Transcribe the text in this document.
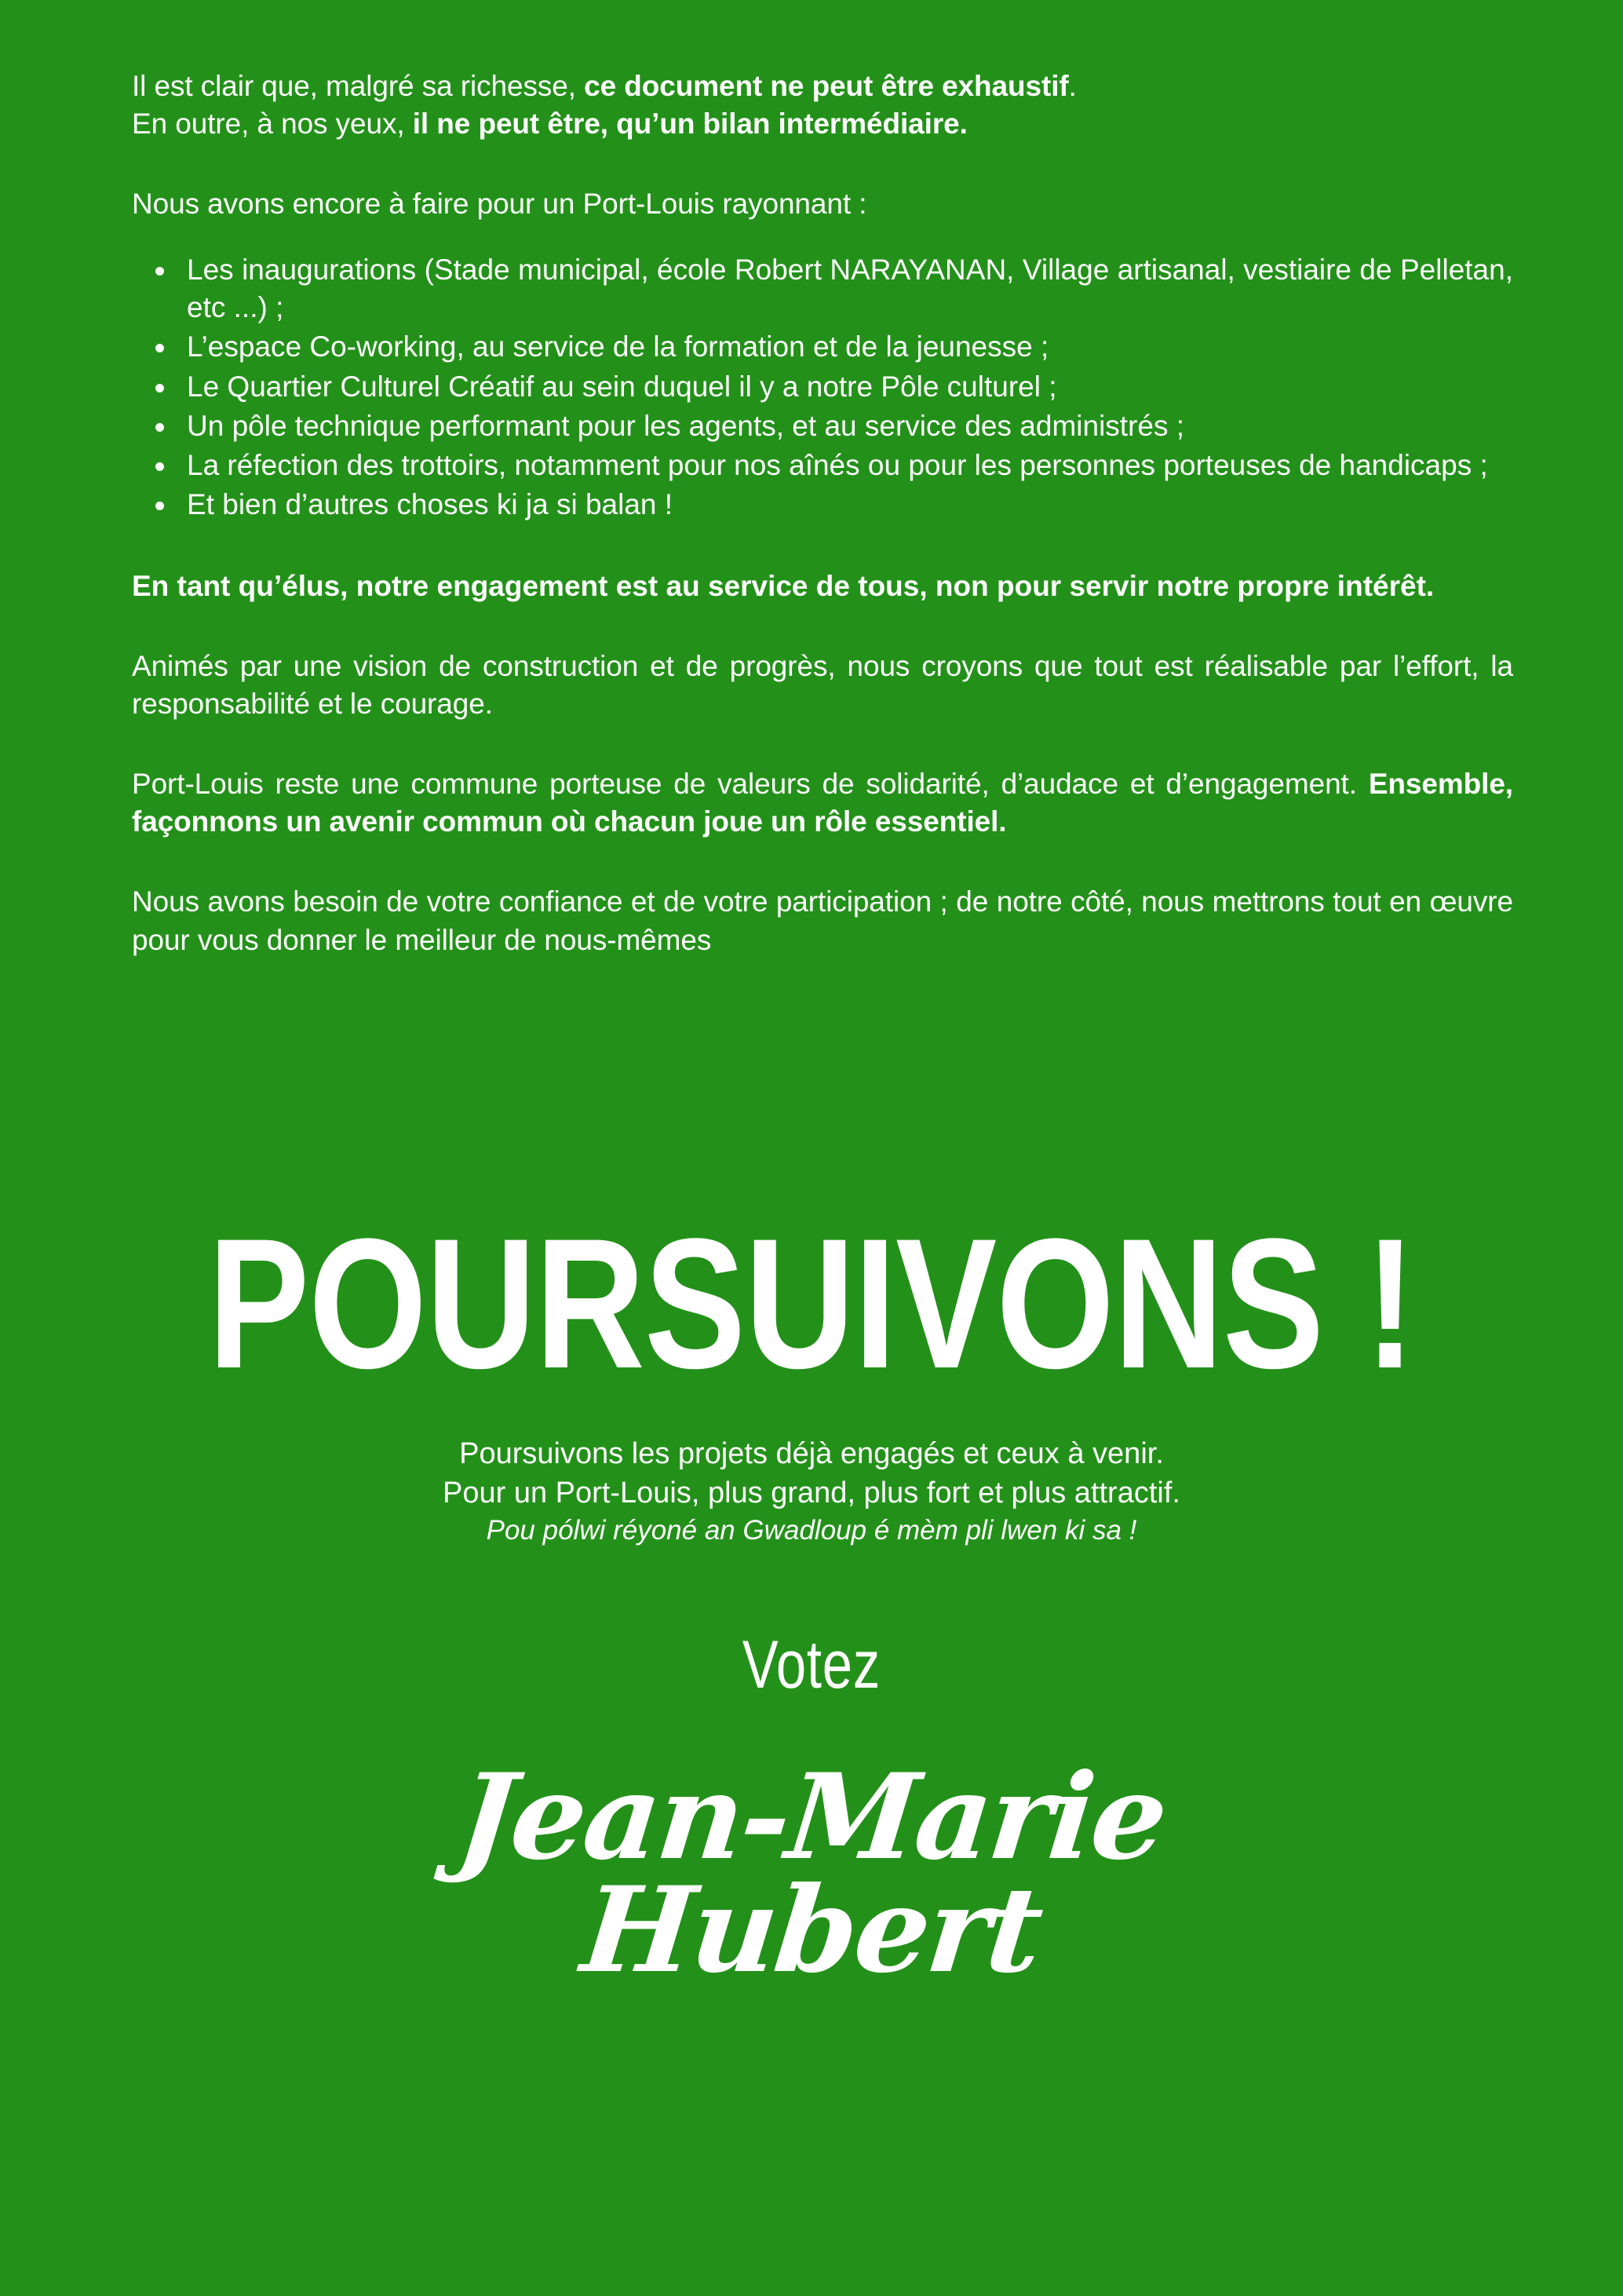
Il est clair que, malgré sa richesse, ce document ne peut être exhaustif.
En outre, à nos yeux, il ne peut être, qu’un bilan intermédiaire.

Nous avons encore à faire pour un Port-Louis rayonnant :

Les inaugurations (Stade municipal, école Robert NARAYANAN, Village artisanal, vestiaire de Pelletan, etc ...) ;
L’espace Co-working, au service de la formation et de la jeunesse ;
Le Quartier Culturel Créatif au sein duquel il y a notre Pôle culturel ;
Un pôle technique performant pour les agents, et au service des administrés ;
La réfection des trottoirs, notamment pour nos aînés ou pour les personnes porteuses de handicaps ;
Et bien d’autres choses ki ja si balan !

En tant qu’élus, notre engagement est au service de tous, non pour servir notre propre intérêt.

Animés par une vision de construction et de progrès, nous croyons que tout est réalisable par l’effort, la responsabilité et le courage.

Port-Louis reste une commune porteuse de valeurs de solidarité, d’audace et d’engagement. Ensemble, façonnons un avenir commun où chacun joue un rôle essentiel.

Nous avons besoin de votre confiance et de votre participation ; de notre côté, nous mettrons tout en œuvre pour vous donner le meilleur de nous-mêmes

POURSUIVONS !
Poursuivons les projets déjà engagés et ceux à venir.
Pour un Port-Louis, plus grand, plus fort et plus attractif.
Pou pólwi réyoné an Gwadloup é mèm pli lwen ki sa !
Votez
Jean-Marie
Hubert
